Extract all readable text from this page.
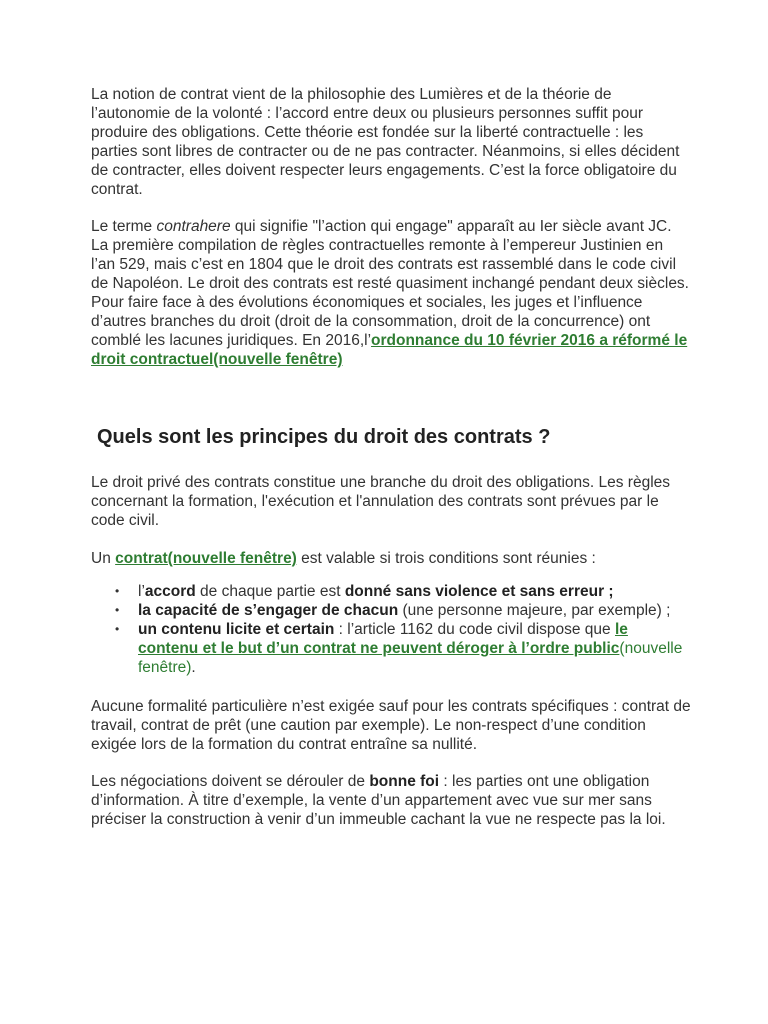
La notion de contrat vient de la philosophie des Lumières et de la théorie de l’autonomie de la volonté : l’accord entre deux ou plusieurs personnes suffit pour produire des obligations. Cette théorie est fondée sur la liberté contractuelle : les parties sont libres de contracter ou de ne pas contracter. Néanmoins, si elles décident de contracter, elles doivent respecter leurs engagements. C’est la force obligatoire du contrat.

Le terme contrahere qui signifie "l’action qui engage" apparaît au Ier siècle avant JC. La première compilation de règles contractuelles remonte à l’empereur Justinien en l’an 529, mais c’est en 1804 que le droit des contrats est rassemblé dans le code civil de Napoléon. Le droit des contrats est resté quasiment inchangé pendant deux siècles. Pour faire face à des évolutions économiques et sociales, les juges et l’influence d’autres branches du droit (droit de la consommation, droit de la concurrence) ont comblé les lacunes juridiques. En 2016,l’ordonnance du 10 février 2016 a réformé le droit contractuel(nouvelle fenêtre)

Quels sont les principes du droit des contrats ?

Le droit privé des contrats constitue une branche du droit des obligations. Les règles concernant la formation, l'exécution et l'annulation des contrats sont prévues par le code civil.

Un contrat(nouvelle fenêtre) est valable si trois conditions sont réunies :

• l’accord de chaque partie est donné sans violence et sans erreur ;
• la capacité de s’engager de chacun (une personne majeure, par exemple) ;
• un contenu licite et certain : l’article 1162 du code civil dispose que le contenu et le but d’un contrat ne peuvent déroger à l’ordre public(nouvelle fenêtre).

Aucune formalité particulière n’est exigée sauf pour les contrats spécifiques : contrat de travail, contrat de prêt (une caution par exemple). Le non-respect d’une condition exigée lors de la formation du contrat entraîne sa nullité.

Les négociations doivent se dérouler de bonne foi : les parties ont une obligation d’information. À titre d’exemple, la vente d’un appartement avec vue sur mer sans préciser la construction à venir d’un immeuble cachant la vue ne respecte pas la loi.
